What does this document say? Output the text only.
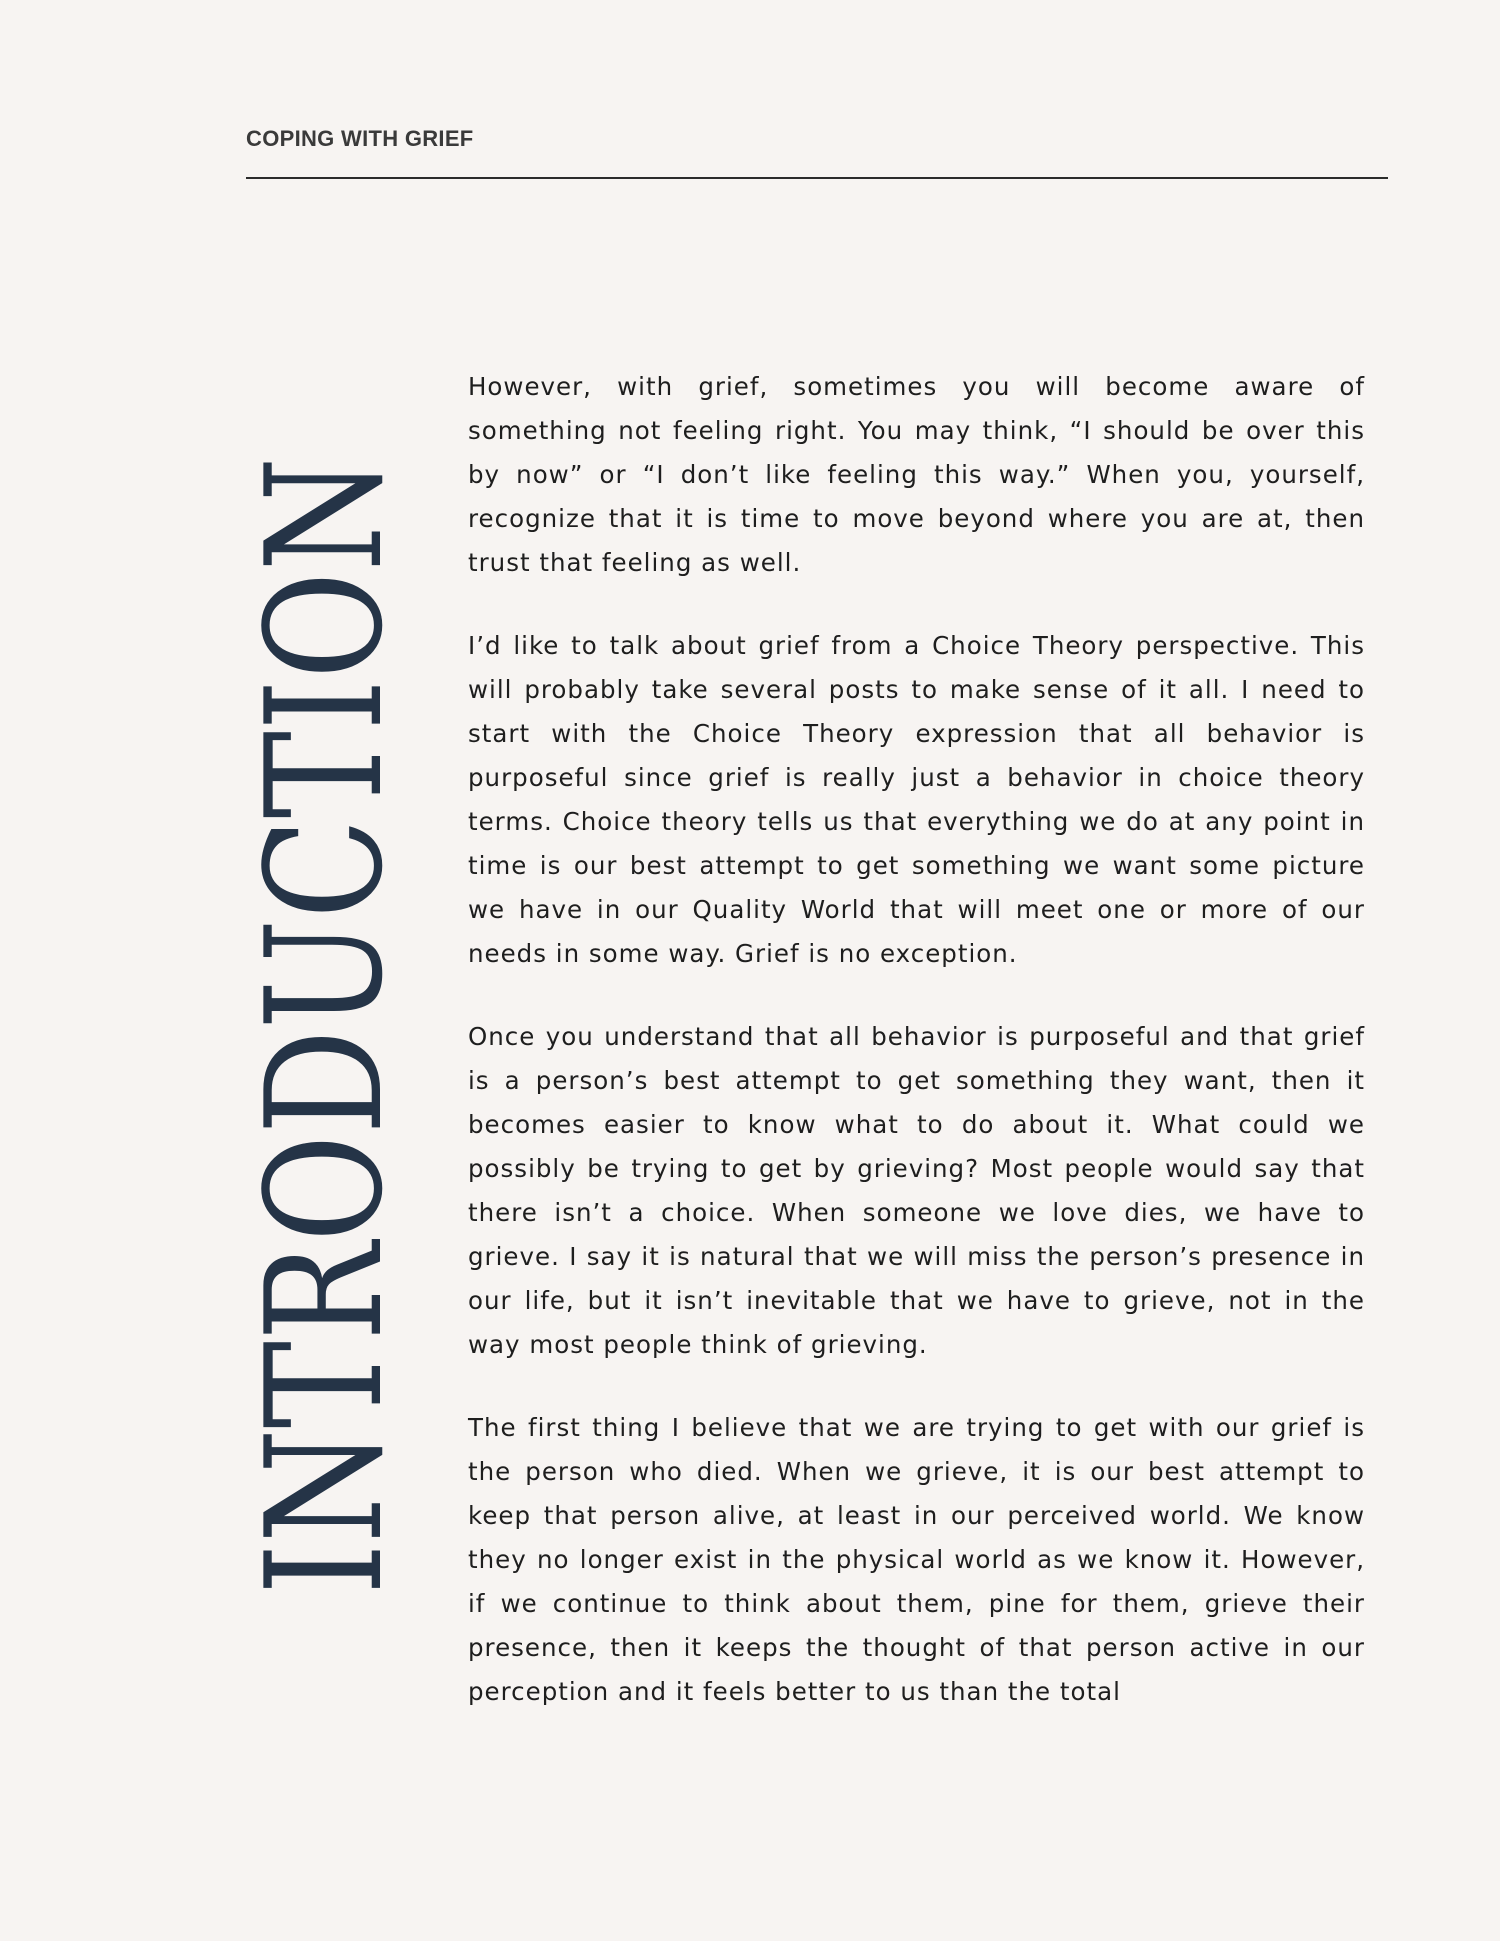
COPING WITH GRIEF
INTRODUCTION

However, with grief, sometimes you will become aware of something not feeling right. You may think, “I should be over this by now” or “I don’t like feeling this way.” When you, yourself, recognize that it is time to move beyond where you are at, then trust that feeling as well.

I’d like to talk about grief from a Choice Theory perspective. This will probably take several posts to make sense of it all. I need to start with the Choice Theory expression that all behavior is purposeful since grief is really just a behavior in choice theory terms. Choice theory tells us that everything we do at any point in time is our best attempt to get something we want some picture we have in our Quality World that will meet one or more of our needs in some way. Grief is no exception.

Once you understand that all behavior is purposeful and that grief is a person’s best attempt to get something they want, then it becomes easier to know what to do about it. What could we possibly be trying to get by grieving? Most people would say that there isn’t a choice. When someone we love dies, we have to grieve. I say it is natural that we will miss the person’s presence in our life, but it isn’t inevitable that we have to grieve, not in the way most people think of grieving.

The first thing I believe that we are trying to get with our grief is the person who died. When we grieve, it is our best attempt to keep that person alive, at least in our perceived world. We know they no longer exist in the physical world as we know it. However, if we continue to think about them, pine for them, grieve their presence, then it keeps the thought of that person active in our perception and it feels better to us than the total
